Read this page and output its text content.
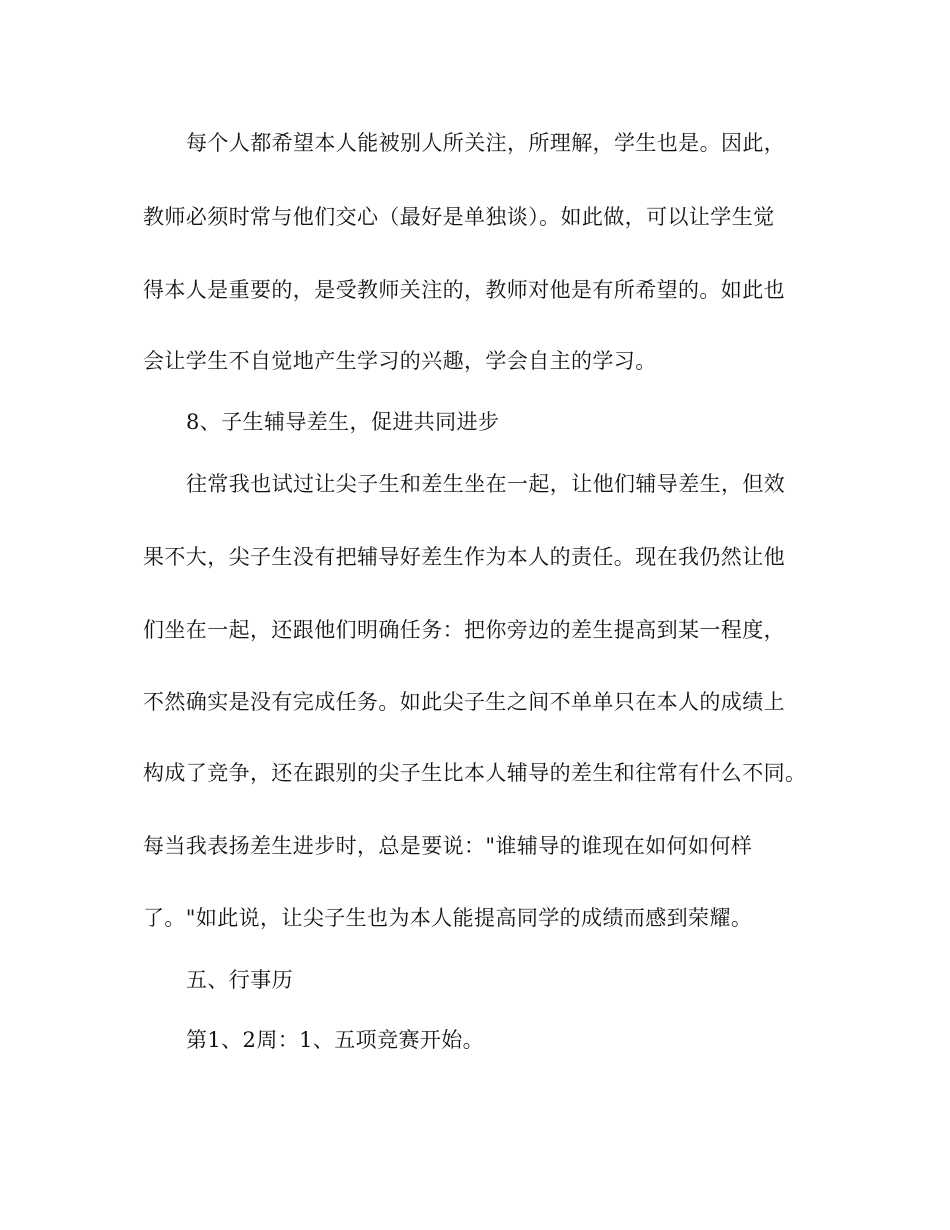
每个人都希望本人能被别人所关注，所理解，学生也是。因此，
教师必须时常与他们交心（最好是单独谈）。如此做，可以让学生觉
得本人是重要的，是受教师关注的，教师对他是有所希望的。如此也
会让学生不自觉地产生学习的兴趣，学会自主的学习。
8、子生辅导差生，促进共同进步
往常我也试过让尖子生和差生坐在一起，让他们辅导差生，但效
果不大，尖子生没有把辅导好差生作为本人的责任。现在我仍然让他
们坐在一起，还跟他们明确任务：把你旁边的差生提高到某一程度，
不然确实是没有完成任务。如此尖子生之间不单单只在本人的成绩上
构成了竞争，还在跟别的尖子生比本人辅导的差生和往常有什么不同。
每当我表扬差生进步时，总是要说："谁辅导的谁现在如何如何样
了。"如此说，让尖子生也为本人能提高同学的成绩而感到荣耀。
五、行事历
第1、2周：1、五项竞赛开始。
